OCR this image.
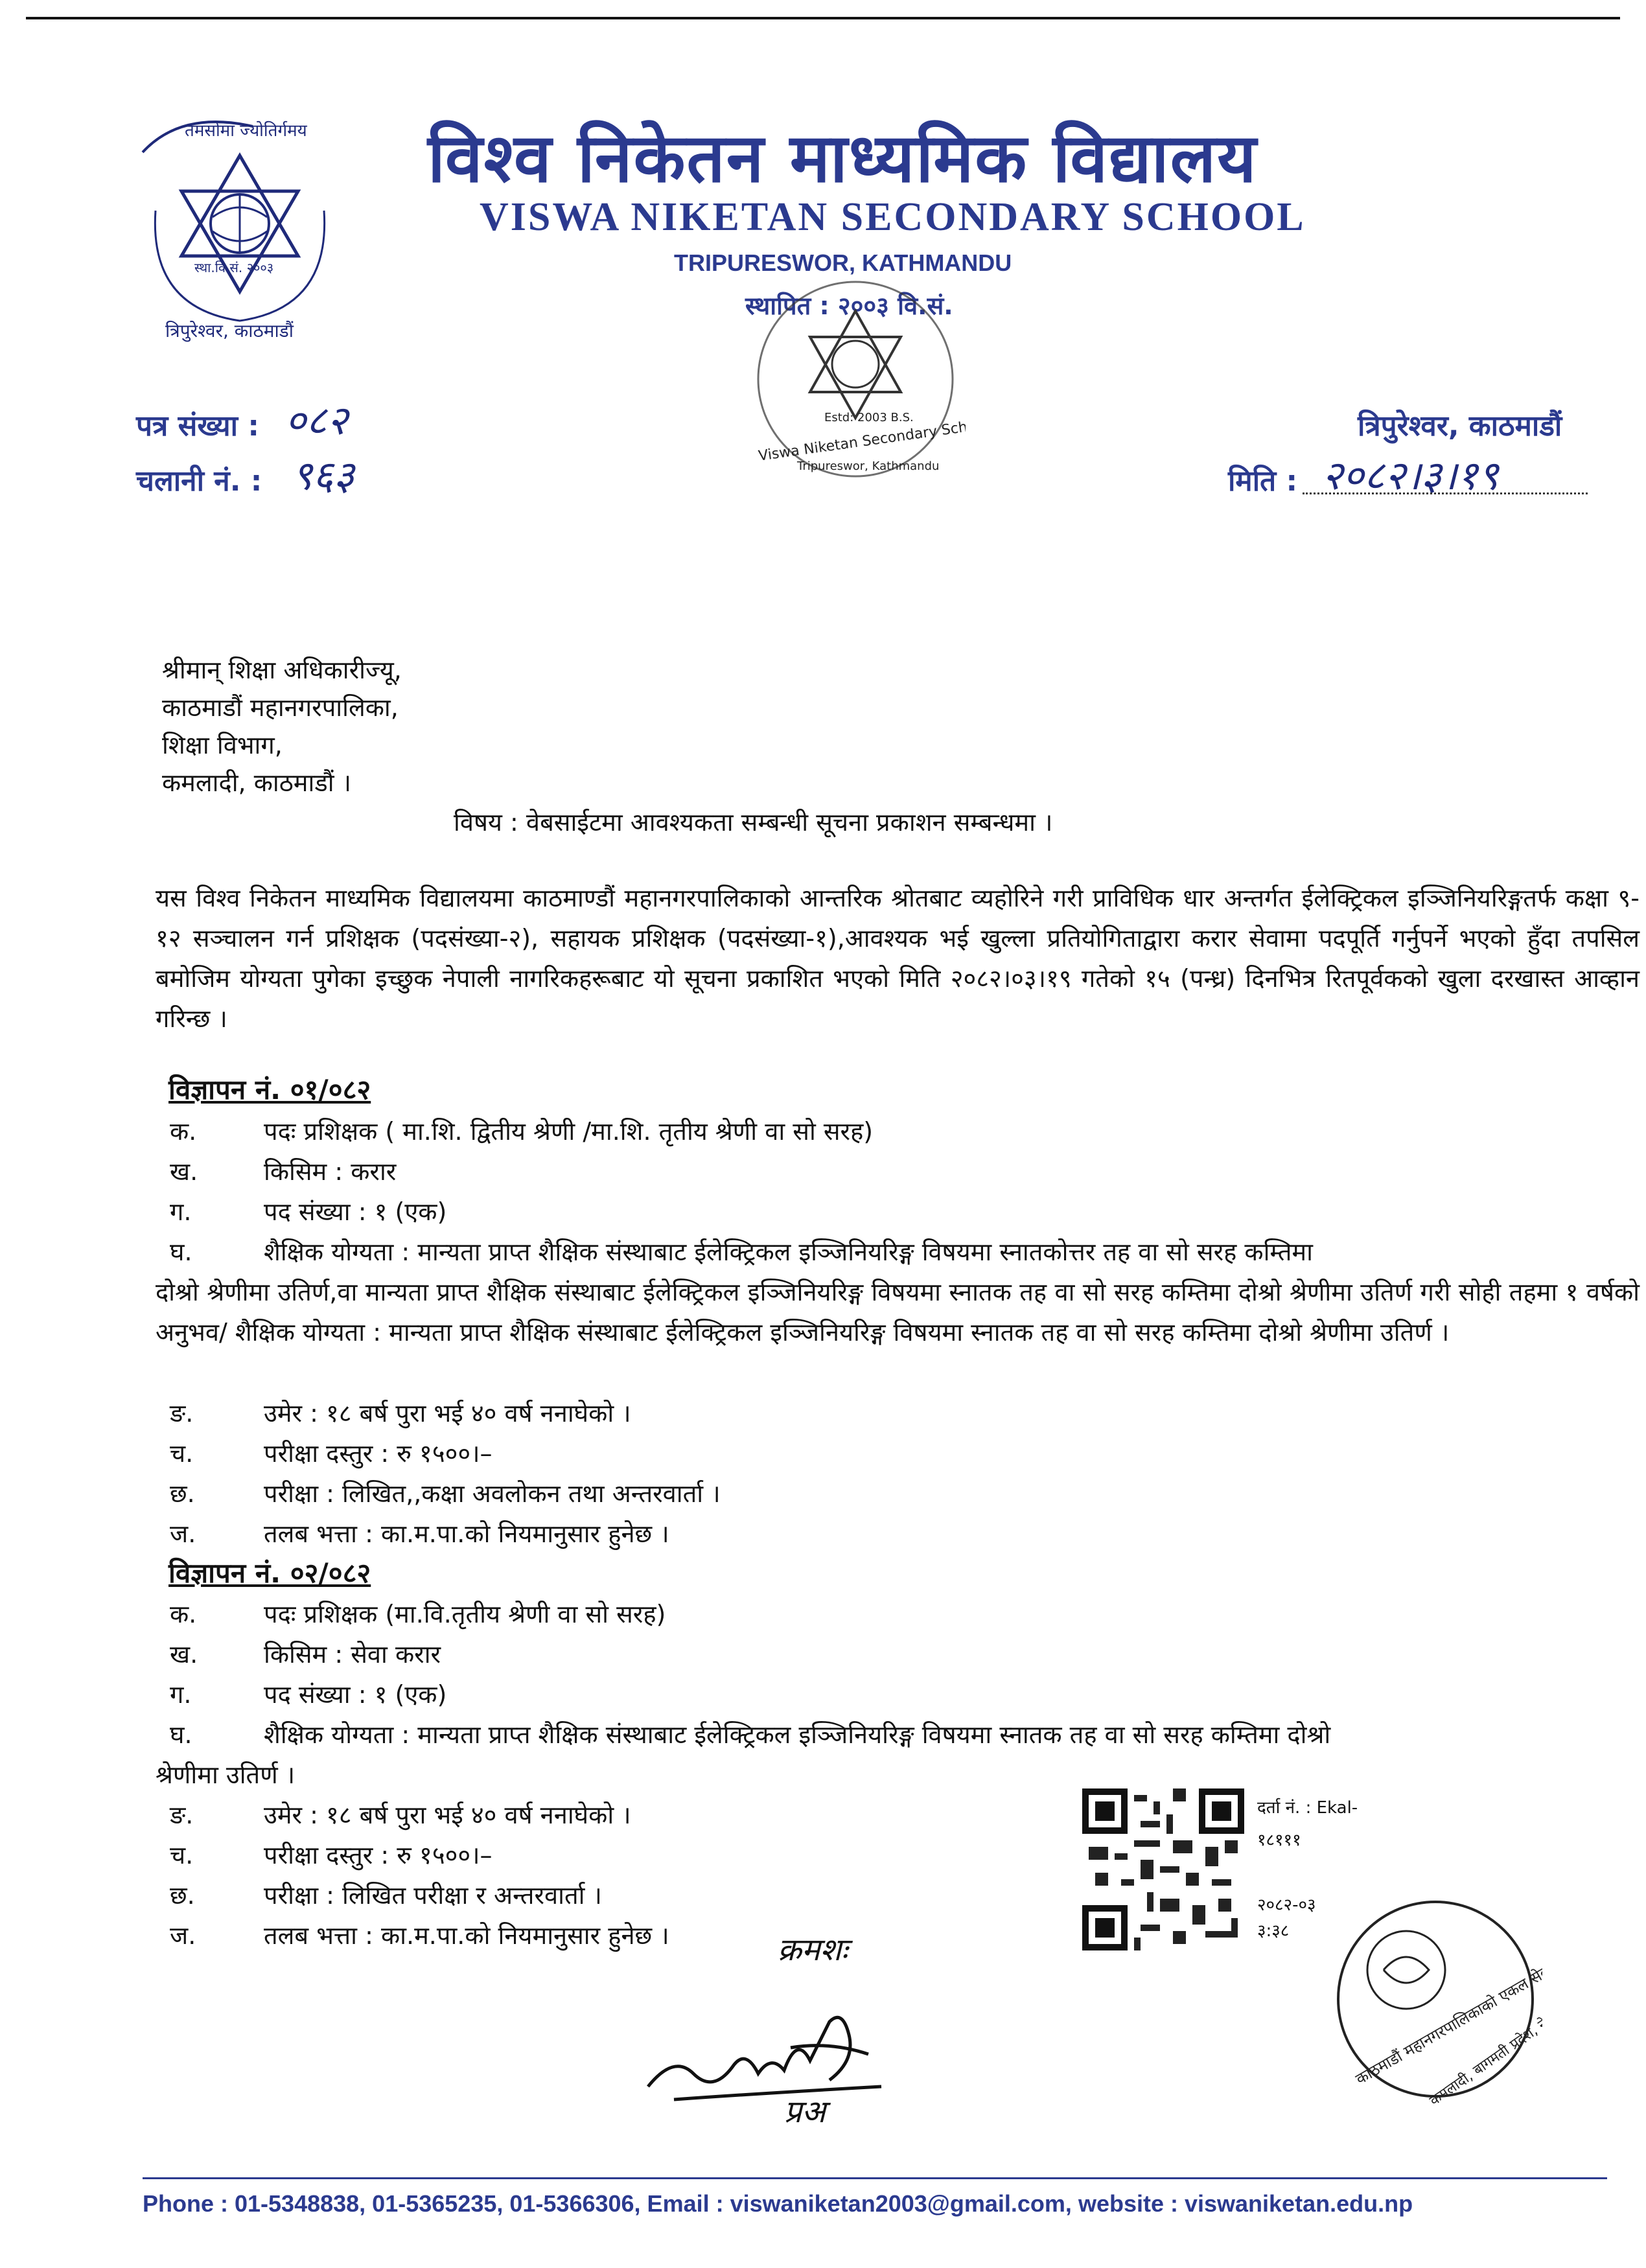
तमसोमा ज्योतिर्गमय
स्था.वि.सं. २००३
त्रिपुरेश्वर, काठमाडौं
विश्व निकेतन माध्यमिक विद्यालय
VISWA NIKETAN SECONDARY SCHOOL
TRIPURESWOR, KATHMANDU
स्थापित : २००३ वि.सं.
Estd: 2003 B.S.
Viswa Niketan Secondary School
Tripureswor, Kathmandu
पत्र संख्या : ०८२
चलानी नं. : ९६३
त्रिपुरेश्वर, काठमाडौं
मिति : २०८२।३।१९
श्रीमान् शिक्षा अधिकारीज्यू,
काठमाडौं महानगरपालिका,
शिक्षा विभाग,
कमलादी, काठमाडौं ।
विषय : वेबसाईटमा आवश्यकता सम्बन्धी सूचना प्रकाशन सम्बन्धमा ।
यस विश्व निकेतन माध्यमिक विद्यालयमा काठमाण्डौं महानगरपालिकाको आन्तरिक श्रोतबाट व्यहोरिने गरी प्राविधिक धार अन्तर्गत ईलेक्ट्रिकल इञ्जिनियरिङ्गतर्फ कक्षा ९- १२ सञ्चालन गर्न प्रशिक्षक (पदसंख्या-२), सहायक प्रशिक्षक (पदसंख्या-१),आवश्यक भई खुल्ला प्रतियोगिताद्वारा करार सेवामा पदपूर्ति गर्नुपर्ने भएको हुँदा तपसिल बमोजिम योग्यता पुगेका इच्छुक नेपाली नागरिकहरूबाट यो सूचना प्रकाशित भएको मिति २०८२।०३।१९ गतेको १५ (पन्ध्र) दिनभित्र रितपूर्वकको खुला दरखास्त आव्हान गरिन्छ ।
विज्ञापन नं. ०१/०८२
क.	पदः प्रशिक्षक ( मा.शि. द्वितीय श्रेणी /मा.शि. तृतीय श्रेणी वा सो सरह)
ख.	किसिम : करार
ग.	पद संख्या : १ (एक)
घ.	शैक्षिक योग्यता : मान्यता प्राप्त शैक्षिक संस्थाबाट ईलेक्ट्रिकल इञ्जिनियरिङ्ग विषयमा स्नातकोत्तर तह वा सो सरह कम्तिमा
दोश्रो श्रेणीमा उतिर्ण,वा मान्यता प्राप्त शैक्षिक संस्थाबाट ईलेक्ट्रिकल इञ्जिनियरिङ्ग विषयमा स्नातक तह वा सो सरह कम्तिमा दोश्रो श्रेणीमा उतिर्ण गरी सोही तहमा १ वर्षको अनुभव/ शैक्षिक योग्यता : मान्यता प्राप्त शैक्षिक संस्थाबाट ईलेक्ट्रिकल इञ्जिनियरिङ्ग विषयमा स्नातक तह वा सो सरह कम्तिमा दोश्रो श्रेणीमा उतिर्ण ।
ङ.	उमेर : १८ बर्ष पुरा भई ४० वर्ष ननाघेको ।
च.	परीक्षा दस्तुर : रु १५००।–
छ.	परीक्षा : लिखित,,कक्षा अवलोकन तथा अन्तरवार्ता ।
ज.	तलब भत्ता : का.म.पा.को नियमानुसार हुनेछ ।
विज्ञापन नं. ०२/०८२
क.	पदः प्रशिक्षक (मा.वि.तृतीय श्रेणी वा सो सरह)
ख.	किसिम : सेवा करार
ग.	पद संख्या : १ (एक)
घ.	शैक्षिक योग्यता : मान्यता प्राप्त शैक्षिक संस्थाबाट ईलेक्ट्रिकल इञ्जिनियरिङ्ग विषयमा स्नातक तह वा सो सरह कम्तिमा दोश्रो
श्रेणीमा उतिर्ण ।
ङ.	उमेर : १८ बर्ष पुरा भई ४० वर्ष ननाघेको ।
च.	परीक्षा दस्तुर : रु १५००।–
छ.	परीक्षा : लिखित परीक्षा र अन्तरवार्ता ।
ज.	तलब भत्ता : का.म.पा.को नियमानुसार हुनेछ ।	क्रमशः
प्रअ
दर्ता नं. : Ekal-
१८१११
२०८२-०३
३:३८
काठमाडौं महानगरपालिकाको एकल सेवा
कमलादी, बागमती प्रदेश, नेपाल
Phone : 01-5348838, 01-5365235, 01-5366306, Email : viswaniketan2003@gmail.com, website : viswaniketan.edu.np
